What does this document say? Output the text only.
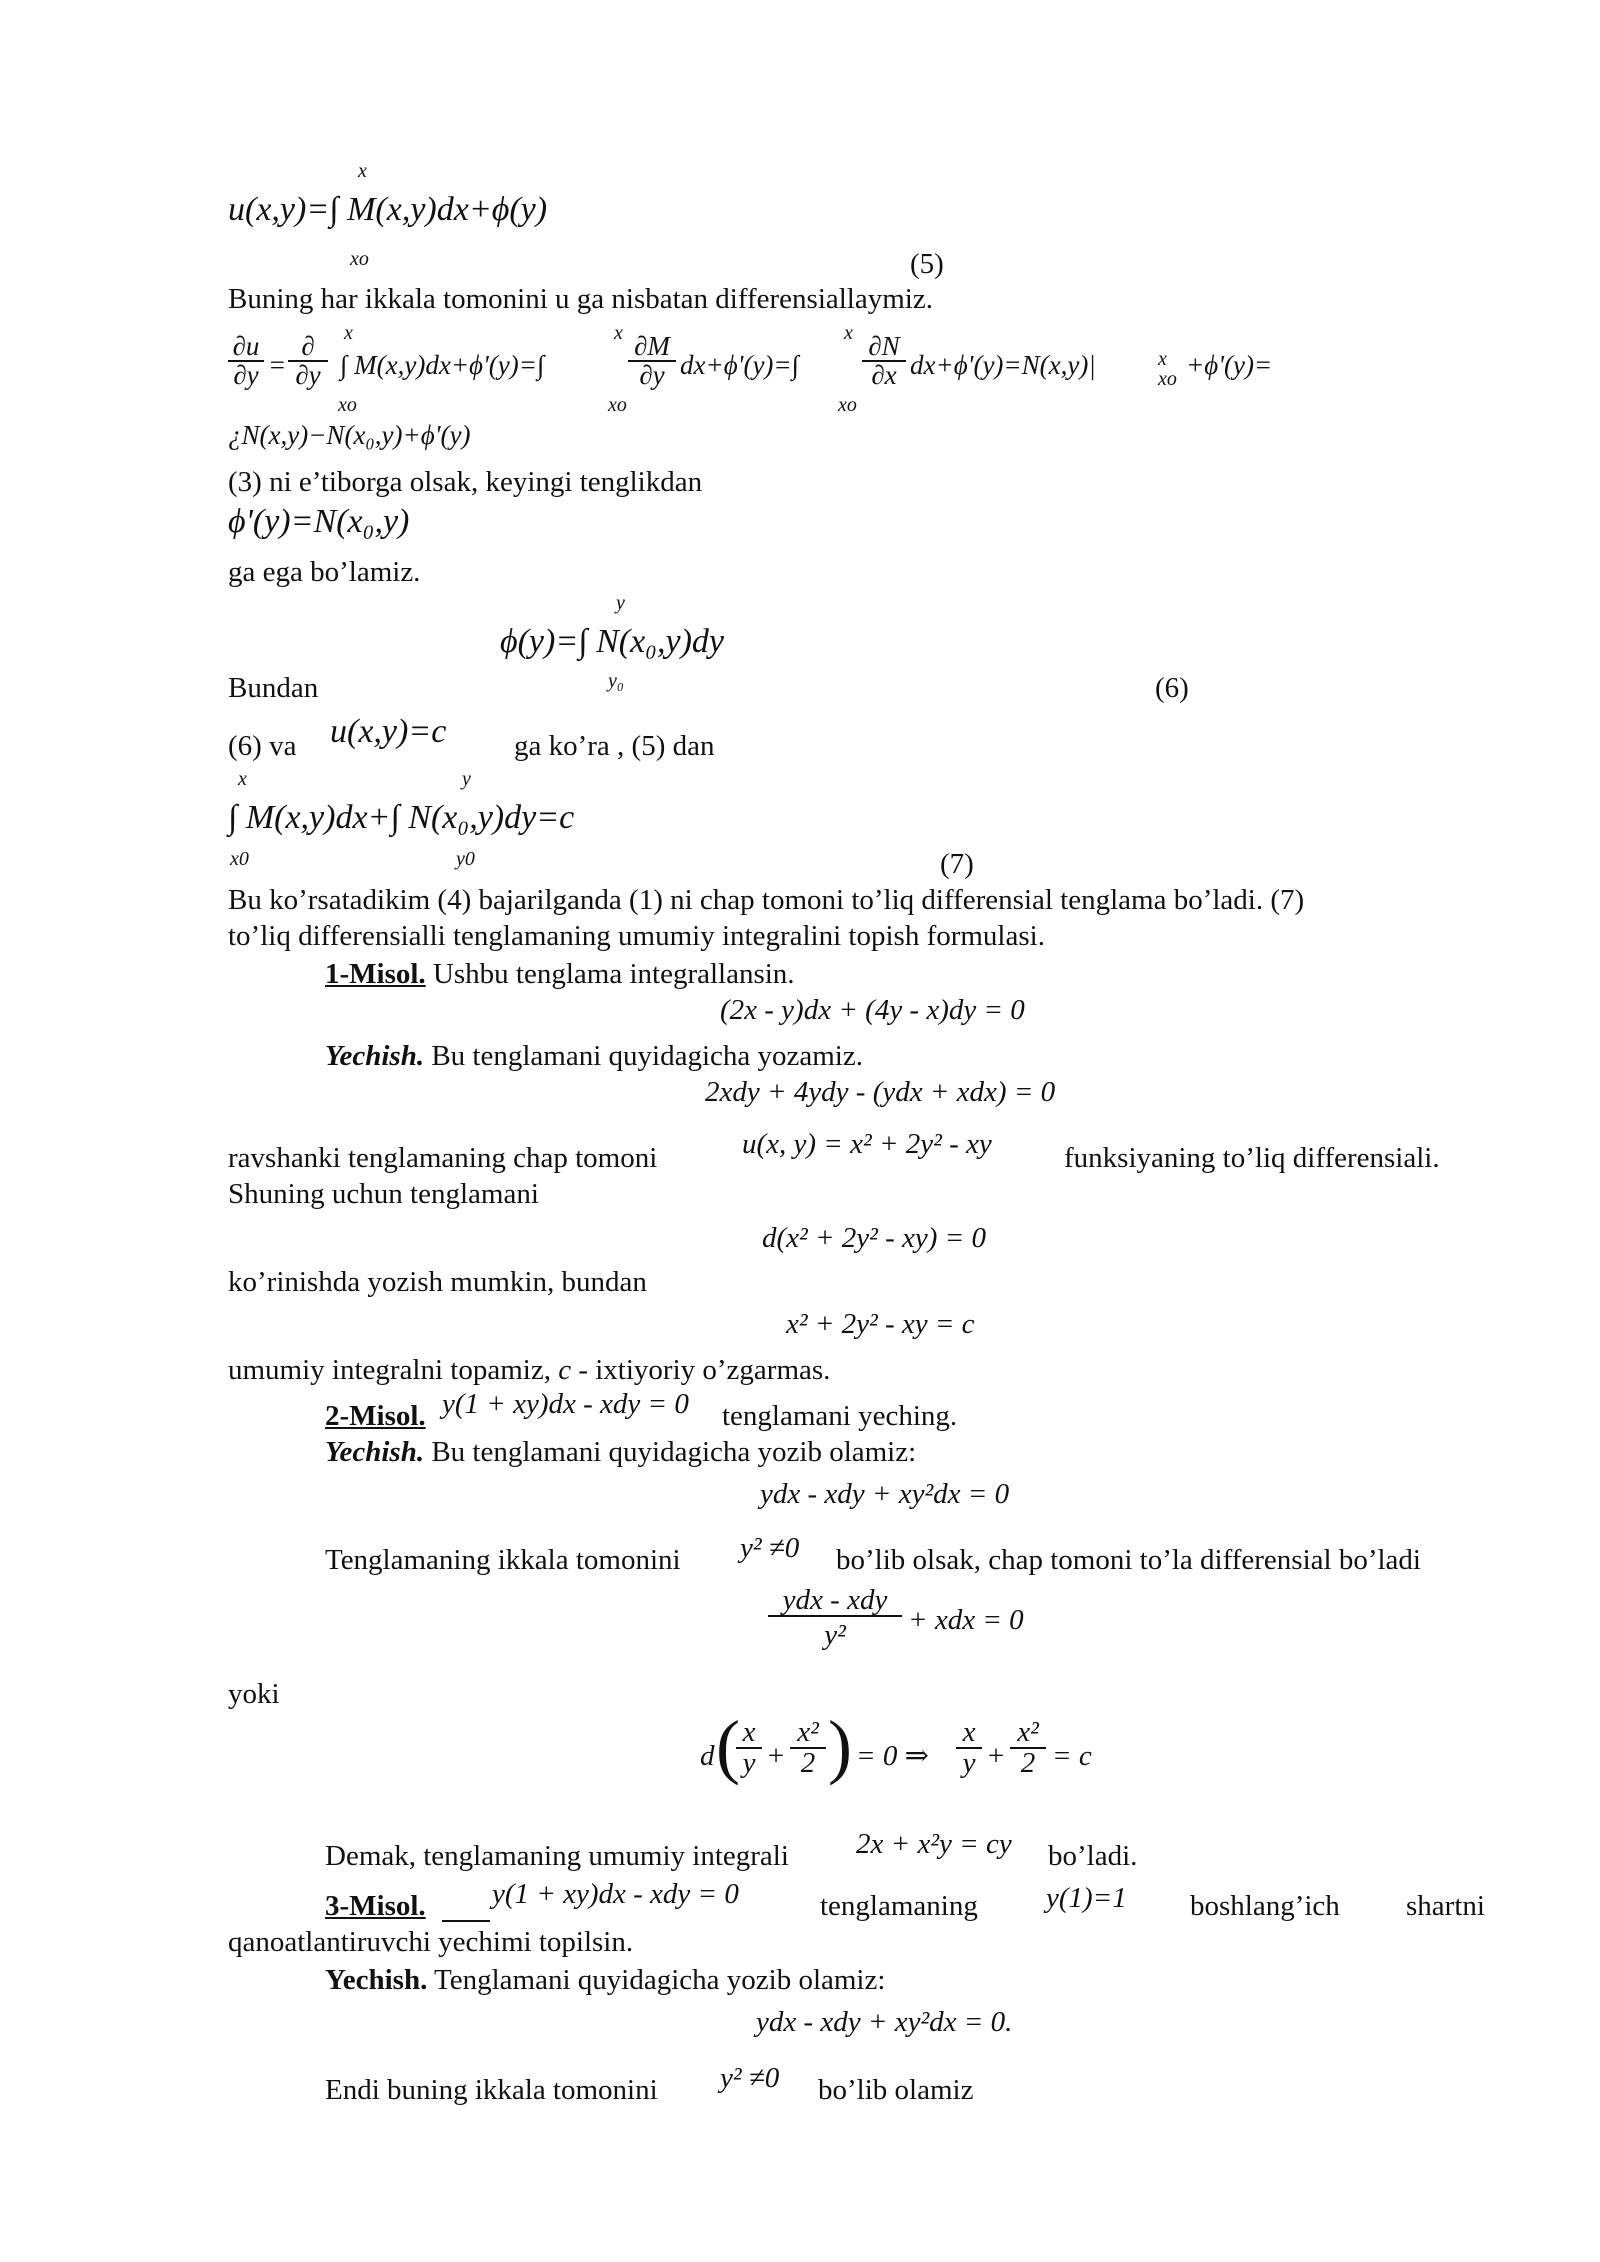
x
u(x,y)=∫ M(x,y)dx+ϕ(y)
xo	(5)
Buning har ikkala tomonini u ga nisbatan differensiallaymiz.
$\frac{\partial u}{\partial y}$ =
∂
∂y
x
xo
∫ M(x,y)dx+ϕ'(y)=∫
x
xo
$\frac{\partial M}{\partial y} dx+\phi'(y)=\int$
x
xo
$\frac{\partial N}{\partial x} dx+\phi'(y)=N(x,y)|$	x
xo +ϕ'(y)=
¿N(x,y)−N(x₀,y)+ϕ'(y)
(3) ni e’tiborga olsak, keyingi tenglikdan
ϕ'(y)=N(x₀,y)
ga ega bo’lamiz.
y
ϕ(y)=∫ N(x₀,y)dy
y₀
Bundan	(6)
(6) va u(x,y)=c ga ko’ra , (5) dan
x	y
∫ M(x,y)dx+∫ N(x₀,y)dy=c
x0	y0	(7)
Bu ko’rsatadikim (4) bajarilganda (1) ni chap tomoni to’liq differensial tenglama bo’ladi. (7)
to’liq differensialli tenglamaning umumiy integralini topish formulasi.
1-Misol. Ushbu tenglama integrallansin.
(2x - y)dx + (4y - x)dy = 0
Yechish. Bu tenglamani quyidagicha yozamiz.
2xdy + 4ydy - (ydx + xdx) = 0
ravshanki tenglamaning chap tomoni	u(x, y) = x² + 2y² - xy funksiyaning to’liq differensiali.
Shuning uchun tenglamani
d(x² + 2y² - xy) = 0
ko’rinishda yozish mumkin, bundan
x² + 2y² - xy = c
umumiy integralni topamiz, c - ixtiyoriy o’zgarmas.
2-Misol. y(1 + xy)dx - xdy = 0 tenglamani yeching.
Yechish. Bu tenglamani quyidagicha yozib olamiz:
ydx - xdy + xy²dx = 0
Tenglamaning ikkala tomonini y² ≠0 bo’lib olsak, chap tomoni to’la differensial bo’ladi
ydx - xdy
y²	+ xdx = 0
yoki
d (
$\frac{x}{y} + \frac{\text{x²}}{2}$ ) = 0 ⇒ $\frac{x}{y} + \frac{\text{x²}}{2} = c$
Demak, tenglamaning umumiy integrali 2x + x²y = cy bo’ladi.
3-Misol. y(1 + xy)dx - xdy = 0	tenglamaning y(1)=1 boshlang’ich shartni
qanoatlantiruvchi yechimi topilsin.
Yechish. Tenglamani quyidagicha yozib olamiz:
ydx - xdy + xy²dx = 0.
Endi buning ikkala tomonini y² ≠0 bo’lib olamiz
